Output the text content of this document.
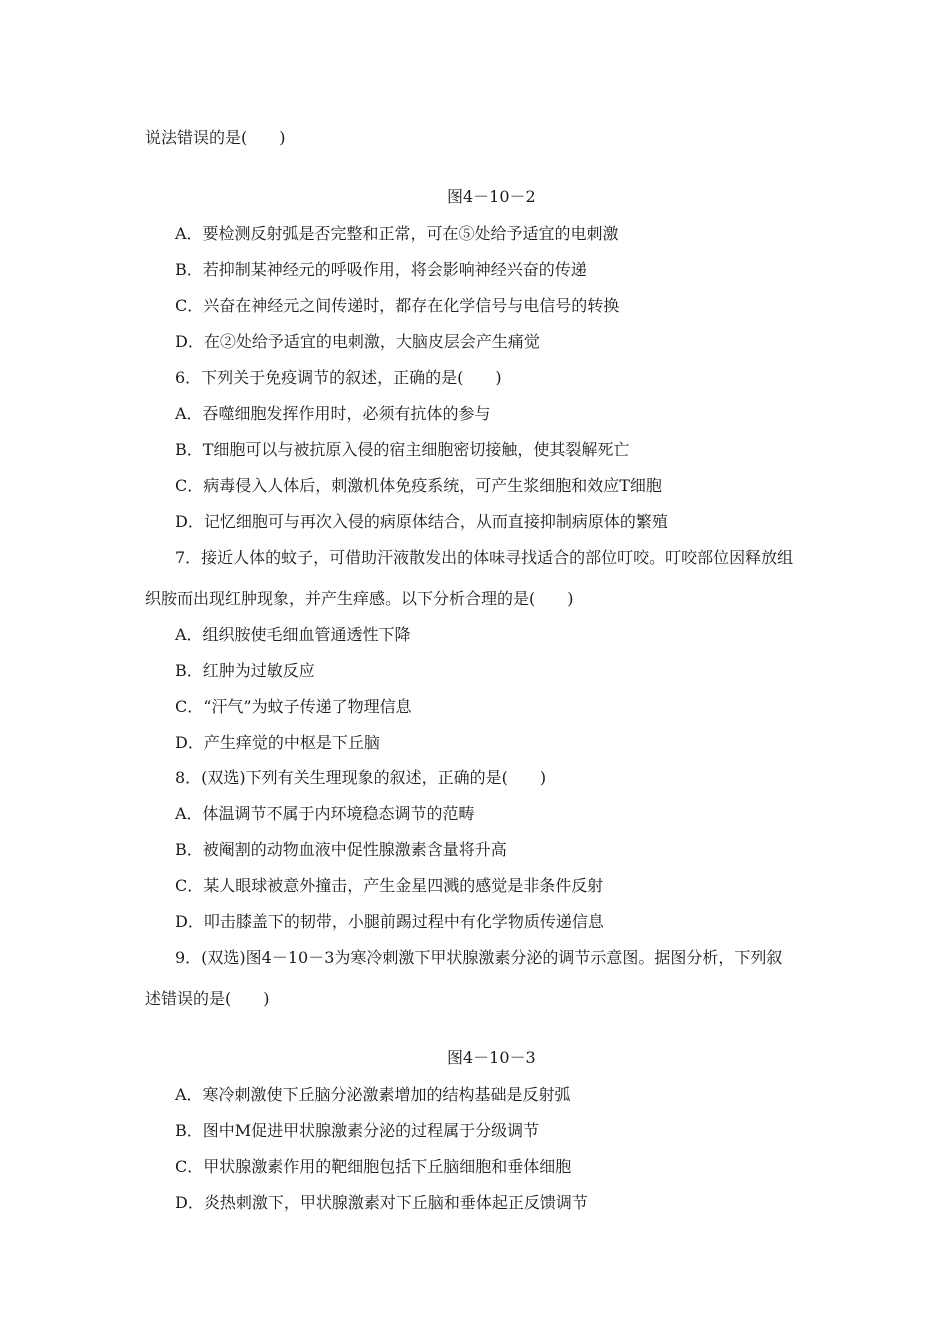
说法错误的是(　　)
图4－10－2
A．要检测反射弧是否完整和正常，可在⑤处给予适宜的电刺激
B．若抑制某神经元的呼吸作用，将会影响神经兴奋的传递
C．兴奋在神经元之间传递时，都存在化学信号与电信号的转换
D．在②处给予适宜的电刺激，大脑皮层会产生痛觉
6．下列关于免疫调节的叙述，正确的是(　　)
A．吞噬细胞发挥作用时，必须有抗体的参与
B．T细胞可以与被抗原入侵的宿主细胞密切接触，使其裂解死亡
C．病毒侵入人体后，刺激机体免疫系统，可产生浆细胞和效应T细胞
D．记忆细胞可与再次入侵的病原体结合，从而直接抑制病原体的繁殖
7．接近人体的蚊子，可借助汗液散发出的体味寻找适合的部位叮咬。叮咬部位因释放组
织胺而出现红肿现象，并产生痒感。以下分析合理的是(　　)
A．组织胺使毛细血管通透性下降
B．红肿为过敏反应
C．“汗气”为蚊子传递了物理信息
D．产生痒觉的中枢是下丘脑
8．(双选)下列有关生理现象的叙述，正确的是(　　)
A．体温调节不属于内环境稳态调节的范畴
B．被阉割的动物血液中促性腺激素含量将升高
C．某人眼球被意外撞击，产生金星四溅的感觉是非条件反射
D．叩击膝盖下的韧带，小腿前踢过程中有化学物质传递信息
9．(双选)图4－10－3为寒冷刺激下甲状腺激素分泌的调节示意图。据图分析，下列叙
述错误的是(　　)
图4－10－3
A．寒冷刺激使下丘脑分泌激素增加的结构基础是反射弧
B．图中M促进甲状腺激素分泌的过程属于分级调节
C．甲状腺激素作用的靶细胞包括下丘脑细胞和垂体细胞
D．炎热刺激下，甲状腺激素对下丘脑和垂体起正反馈调节
